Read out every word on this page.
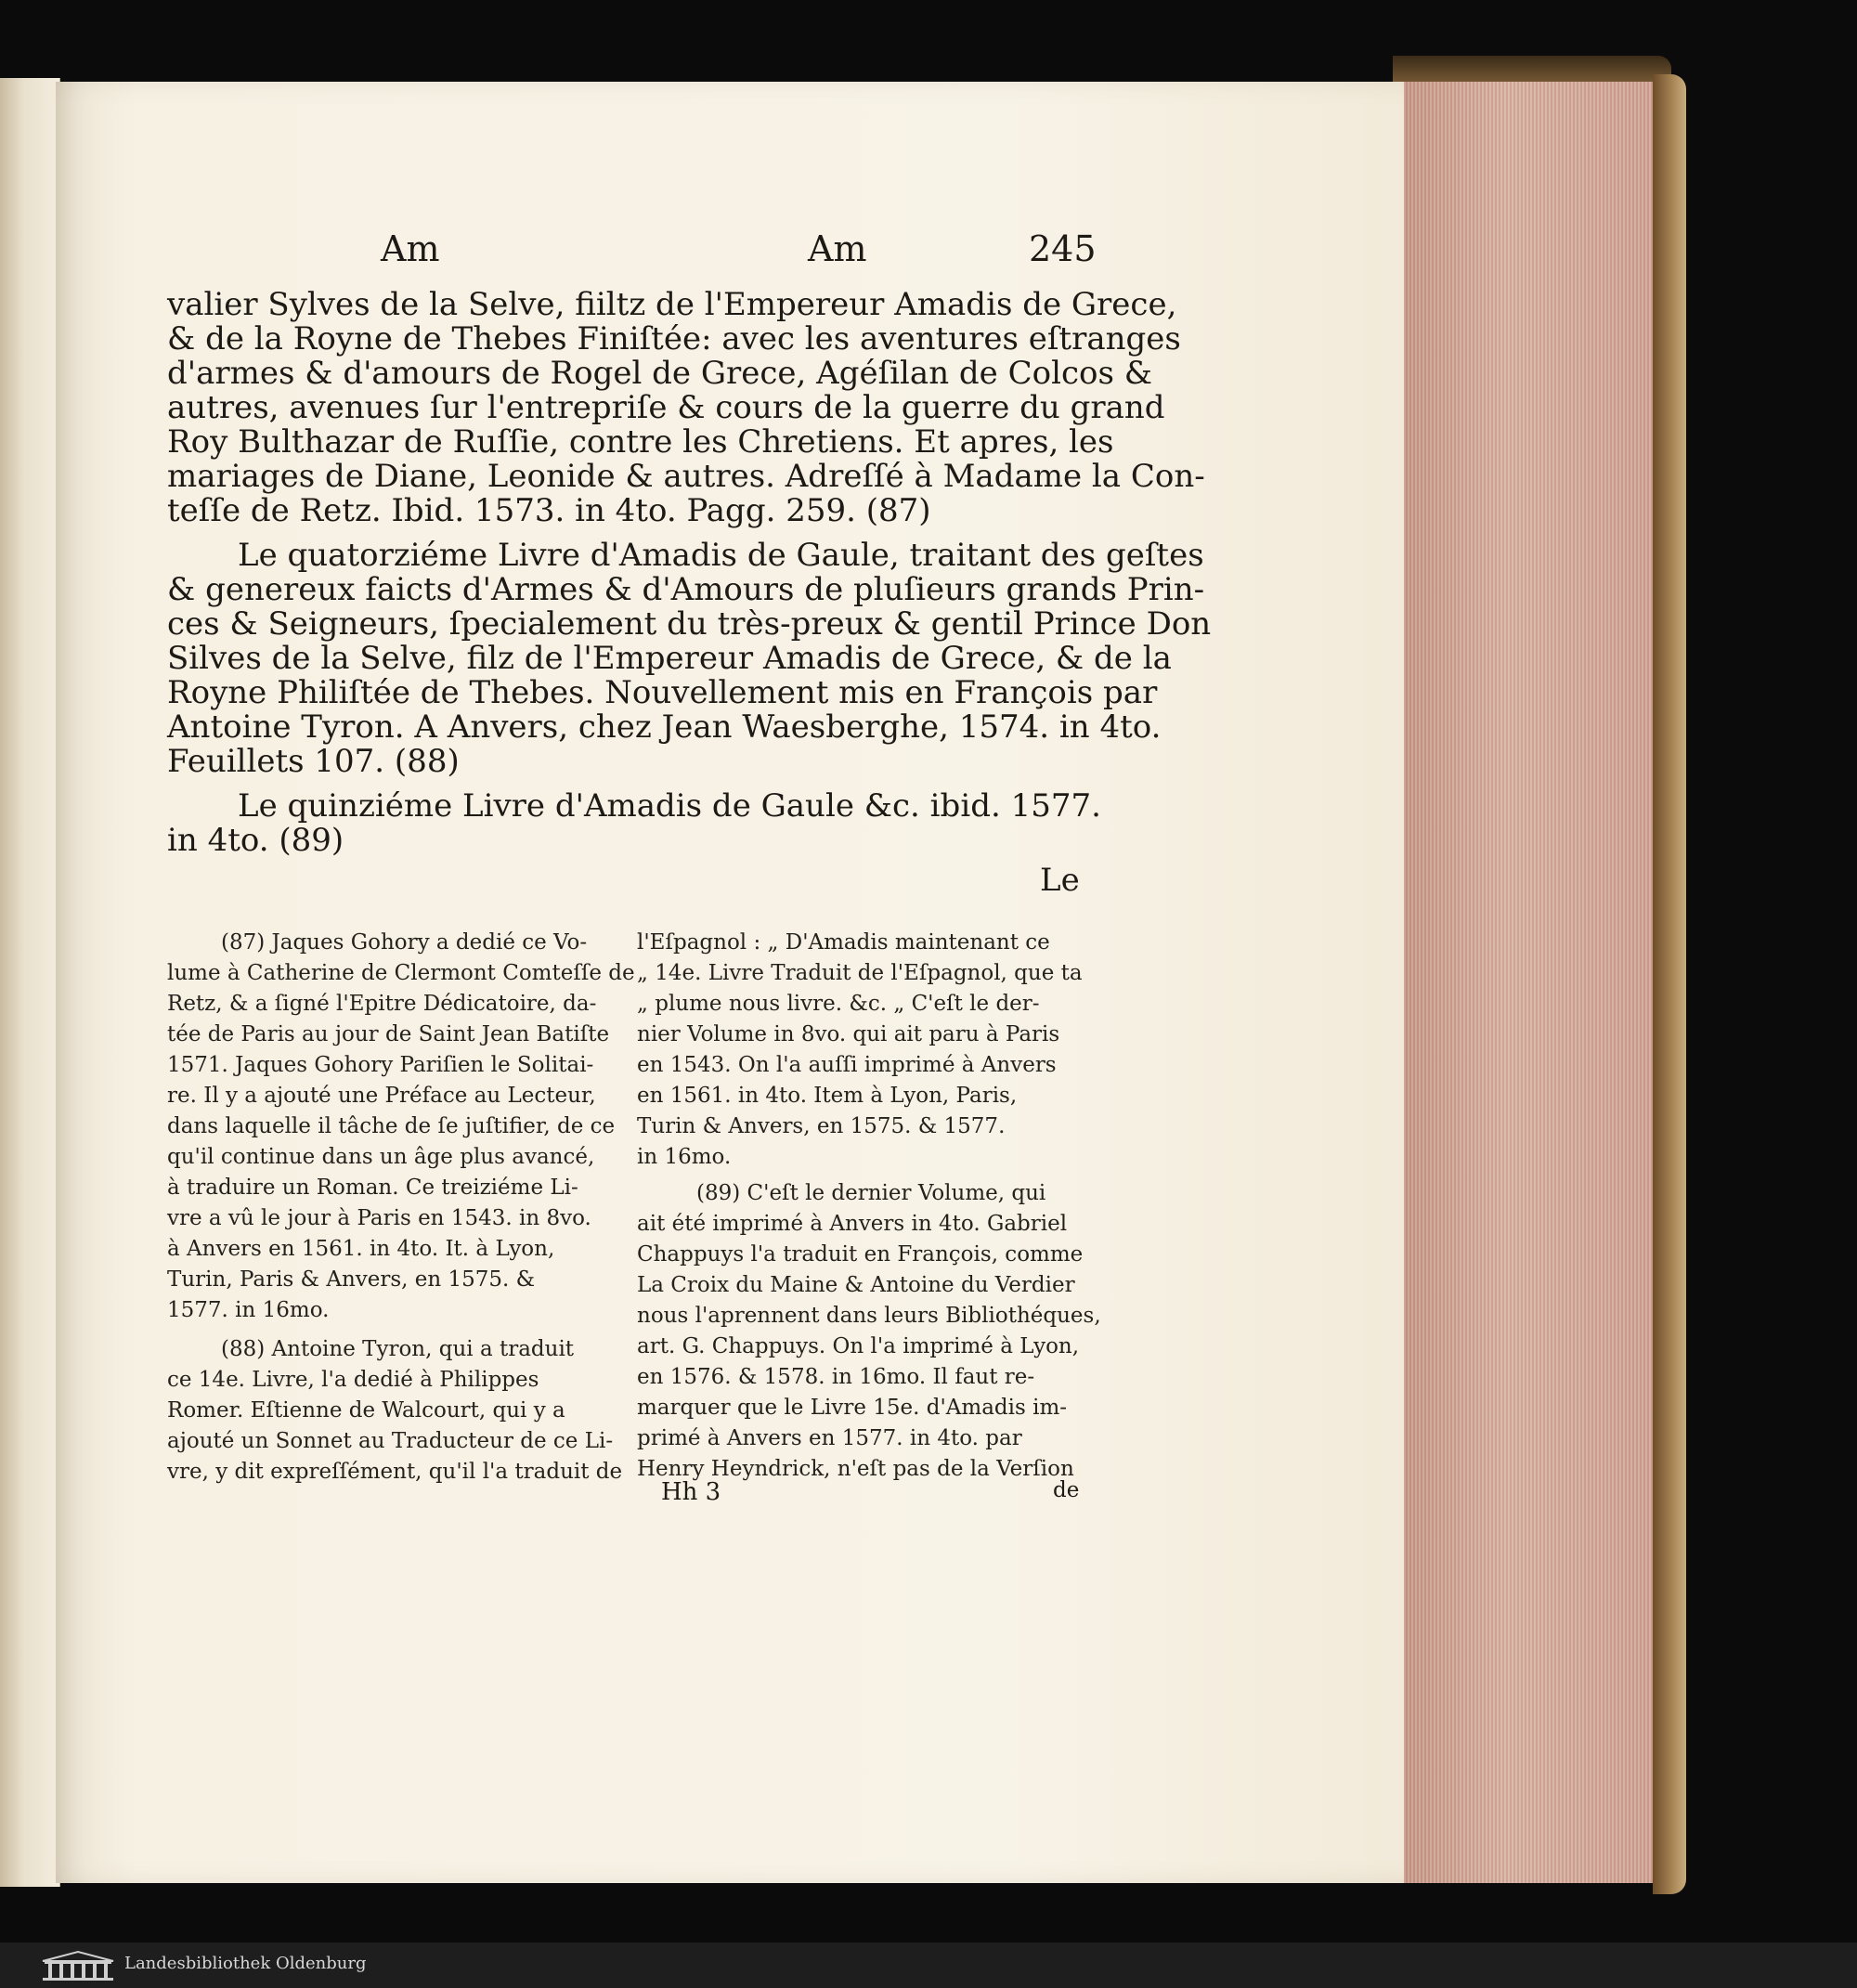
Am	Am	245
valier Sylves de la Selve, fiiltz de l'Empereur Amadis de Grece,
& de la Royne de Thebes Finiſtée: avec les aventures eſtranges
d'armes & d'amours de Rogel de Grece, Agéſilan de Colcos &
autres, avenues ſur l'entrepriſe & cours de la guerre du grand
Roy Bulthazar de Ruſſie, contre les Chretiens. Et apres, les
mariages de Diane, Leonide & autres. Adreſſé à Madame la Con-
teſſe de Retz. Ibid. 1573. in 4to. Pagg. 259. (87)
Le quatorziéme Livre d'Amadis de Gaule, traitant des geſtes
& genereux faicts d'Armes & d'Amours de pluſieurs grands Prin-
ces & Seigneurs, ſpecialement du très-preux & gentil Prince Don
Silves de la Selve, filz de l'Empereur Amadis de Grece, & de la
Royne Philiſtée de Thebes. Nouvellement mis en François par
Antoine Tyron. A Anvers, chez Jean Waesberghe, 1574. in 4to.
Feuillets 107. (88)
Le quinziéme Livre d'Amadis de Gaule &c. ibid. 1577.
in 4to. (89)
Le
(87) Jaques Gohory a dedié ce Vo-
lume à Catherine de Clermont Comteſſe de
Retz, & a ſigné l'Epitre Dédicatoire, da-
tée de Paris au jour de Saint Jean Batiſte
1571. Jaques Gohory Pariſien le Solitai-
re. Il y a ajouté une Préface au Lecteur,
dans laquelle il tâche de ſe juſtifier, de ce
qu'il continue dans un âge plus avancé,
à traduire un Roman. Ce treiziéme Li-
vre a vû le jour à Paris en 1543. in 8vo.
à Anvers en 1561. in 4to. It. à Lyon,
Turin, Paris & Anvers, en 1575. &
1577. in 16mo.
(88) Antoine Tyron, qui a traduit
ce 14e. Livre, l'a dedié à Philippes
Romer. Eſtienne de Walcourt, qui y a
ajouté un Sonnet au Traducteur de ce Li-
vre, y dit expreſſément, qu'il l'a traduit de
l'Eſpagnol : „ D'Amadis maintenant ce
„ 14e. Livre Traduit de l'Eſpagnol, que ta
„ plume nous livre. &c. „ C'eſt le der-
nier Volume in 8vo. qui ait paru à Paris
en 1543. On l'a auſſi imprimé à Anvers
en 1561. in 4to. Item à Lyon, Paris,
Turin & Anvers, en 1575. & 1577.
in 16mo.
(89) C'eſt le dernier Volume, qui
ait été imprimé à Anvers in 4to. Gabriel
Chappuys l'a traduit en François, comme
La Croix du Maine & Antoine du Verdier
nous l'aprennent dans leurs Bibliothéques,
art. G. Chappuys. On l'a imprimé à Lyon,
en 1576. & 1578. in 16mo. Il faut re-
marquer que le Livre 15e. d'Amadis im-
primé à Anvers en 1577. in 4to. par
Henry Heyndrick, n'eſt pas de la Verſion
Hh 3	de
Landesbibliothek Oldenburg
